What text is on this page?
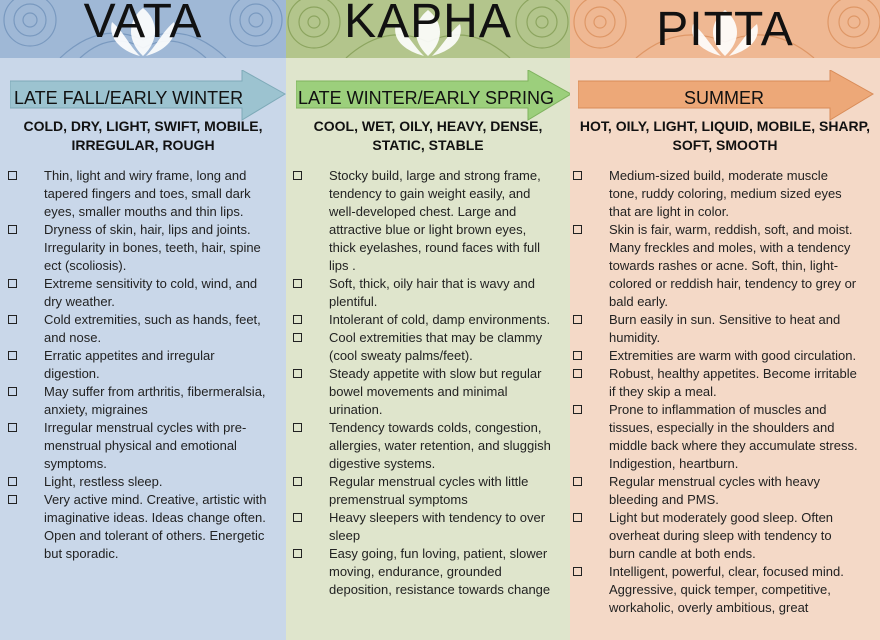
VATA
LATE FALL/EARLY WINTER
COLD, DRY, LIGHT, SWIFT, MOBILE, IRREGULAR, ROUGH
Thin, light and wiry frame, long and tapered fingers and toes, small dark eyes, smaller mouths and thin lips.
Dryness of skin, hair, lips and joints. Irregularity in bones, teeth, hair, spine ect (scoliosis).
Extreme sensitivity to cold, wind, and dry weather.
Cold extremities, such as hands, feet, and nose.
Erratic appetites and irregular digestion.
May suffer from arthritis, fibermeralsia, anxiety, migraines
Irregular menstrual cycles with pre-menstrual physical and emotional symptoms.
Light, restless sleep.
Very active mind. Creative, artistic with imaginative ideas. Ideas change often. Open and tolerant of others. Energetic but sporadic.
KAPHA
LATE WINTER/EARLY SPRING
COOL, WET, OILY, HEAVY, DENSE, STATIC, STABLE
Stocky build, large and strong frame, tendency to gain weight easily, and well-developed chest. Large and attractive blue or light brown eyes, thick eyelashes, round faces with full lips .
Soft, thick, oily hair that is wavy and plentiful.
Intolerant of cold, damp environments.
Cool extremities that may be clammy (cool sweaty palms/feet).
Steady appetite with slow but regular bowel movements and minimal urination.
Tendency towards colds, congestion, allergies, water retention, and sluggish digestive systems.
Regular menstrual cycles with little premenstrual symptoms
Heavy sleepers with tendency to over sleep
Easy going, fun loving, patient, slower moving, endurance, grounded deposition, resistance towards change
PITTA
SUMMER
HOT, OILY, LIGHT, LIQUID, MOBILE, SHARP, SOFT, SMOOTH
Medium-sized build, moderate muscle tone, ruddy coloring, medium sized eyes that are light in color.
Skin is fair, warm, reddish, soft, and moist. Many freckles and moles, with a tendency towards rashes or acne. Soft, thin, light-colored or reddish hair, tendency to grey or bald early.
Burn easily in sun. Sensitive to heat and humidity.
Extremities are warm with good circulation.
Robust, healthy appetites. Become irritable if they skip a meal.
Prone to inflammation of muscles and tissues, especially in the shoulders and middle back where they accumulate stress. Indigestion, heartburn.
Regular menstrual cycles with heavy bleeding and PMS.
Light but moderately good sleep. Often overheat during sleep with tendency to burn candle at both ends.
Intelligent, powerful, clear, focused mind. Aggressive, quick temper, competitive, workaholic, overly ambitious, great
